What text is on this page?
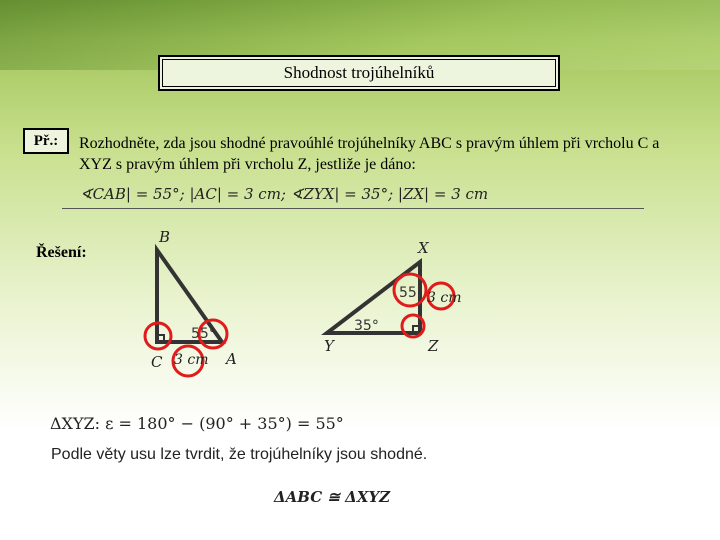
Shodnost trojúhelníků
Př.:	Rozhodněte, zda jsou shodné pravoúhlé trojúhelníky ABC s pravým úhlem při vrcholu C a XYZ s pravým úhlem při vrcholu Z, jestliže je dáno:
∢CAB| = 55°; |AC| = 3 cm; ∢ZYX| = 35°; |ZX| = 3 cm
Řešení:
B
C	A
55°
3 cm
X
Y	Z
55
35°
3 cm
ΔXYZ: ε = 180° − (90° + 35°) = 55°
Podle věty usu lze tvrdit, že trojúhelníky jsou shodné.
ΔABC ≅ ΔXYZ
